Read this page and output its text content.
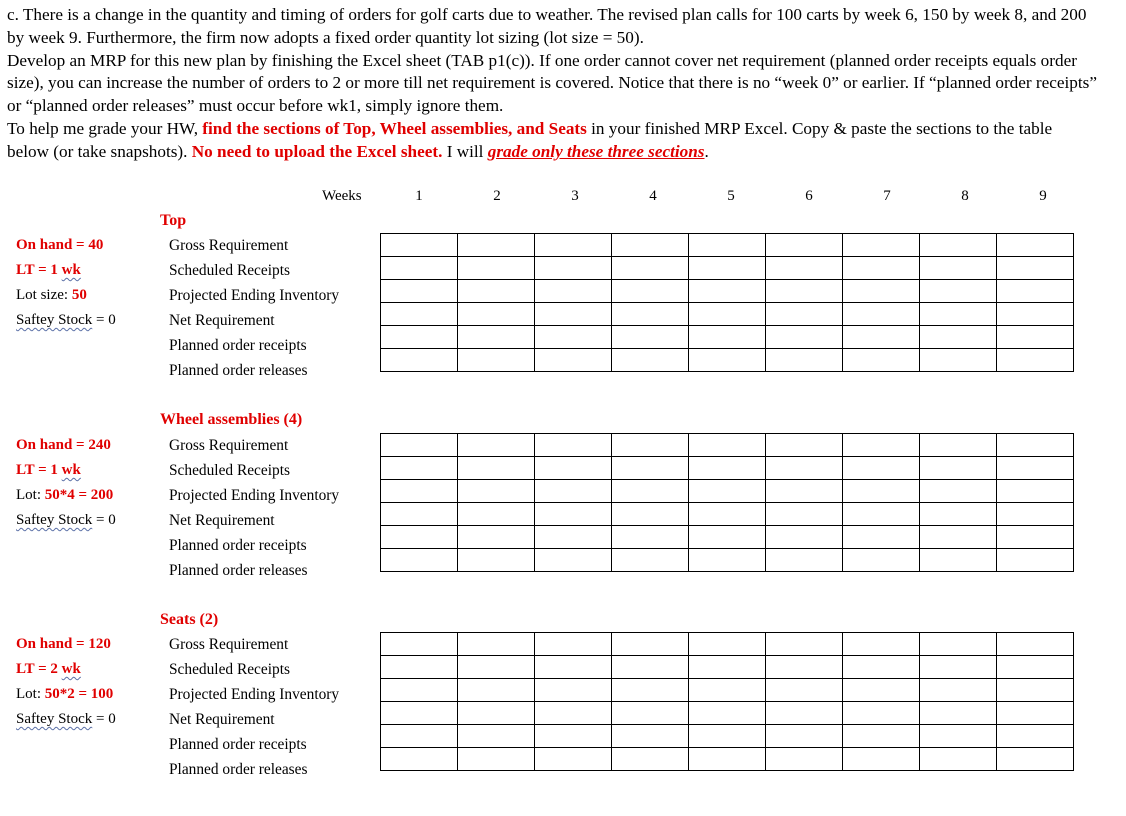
c. There is a change in the quantity and timing of orders for golf carts due to weather. The revised plan calls for 100 carts by week 6, 150 by week 8, and 200 by week 9. Furthermore, the firm now adopts a fixed order quantity lot sizing (lot size = 50).

Develop an MRP for this new plan by finishing the Excel sheet (TAB p1(c)). If one order cannot cover net requirement (planned order receipts equals order size), you can increase the number of orders to 2 or more till net requirement is covered. Notice that there is no “week 0” or earlier. If “planned order receipts” or “planned order releases” must occur before wk1, simply ignore them.

To help me grade your HW, find the sections of Top, Wheel assemblies, and Seats in your finished MRP Excel. Copy & paste the sections to the table below (or take snapshots). No need to upload the Excel sheet. I will grade only these three sections.

Weeks	1	2	3	4	5	6	7	8	9
Top
On hand = 40
LT = 1 wk
Lot size: 50
Saftey Stock = 0
Gross Requirement
Scheduled Receipts
Projected Ending Inventory
Net Requirement
Planned order receipts
Planned order releases

Wheel assemblies (4)
On hand = 240
LT = 1 wk
Lot: 50*4 = 200
Saftey Stock = 0
Gross Requirement
Scheduled Receipts
Projected Ending Inventory
Net Requirement
Planned order receipts
Planned order releases

Seats (2)
On hand = 120
LT = 2 wk
Lot: 50*2 = 100
Saftey Stock = 0
Gross Requirement
Scheduled Receipts
Projected Ending Inventory
Net Requirement
Planned order receipts
Planned order releases
